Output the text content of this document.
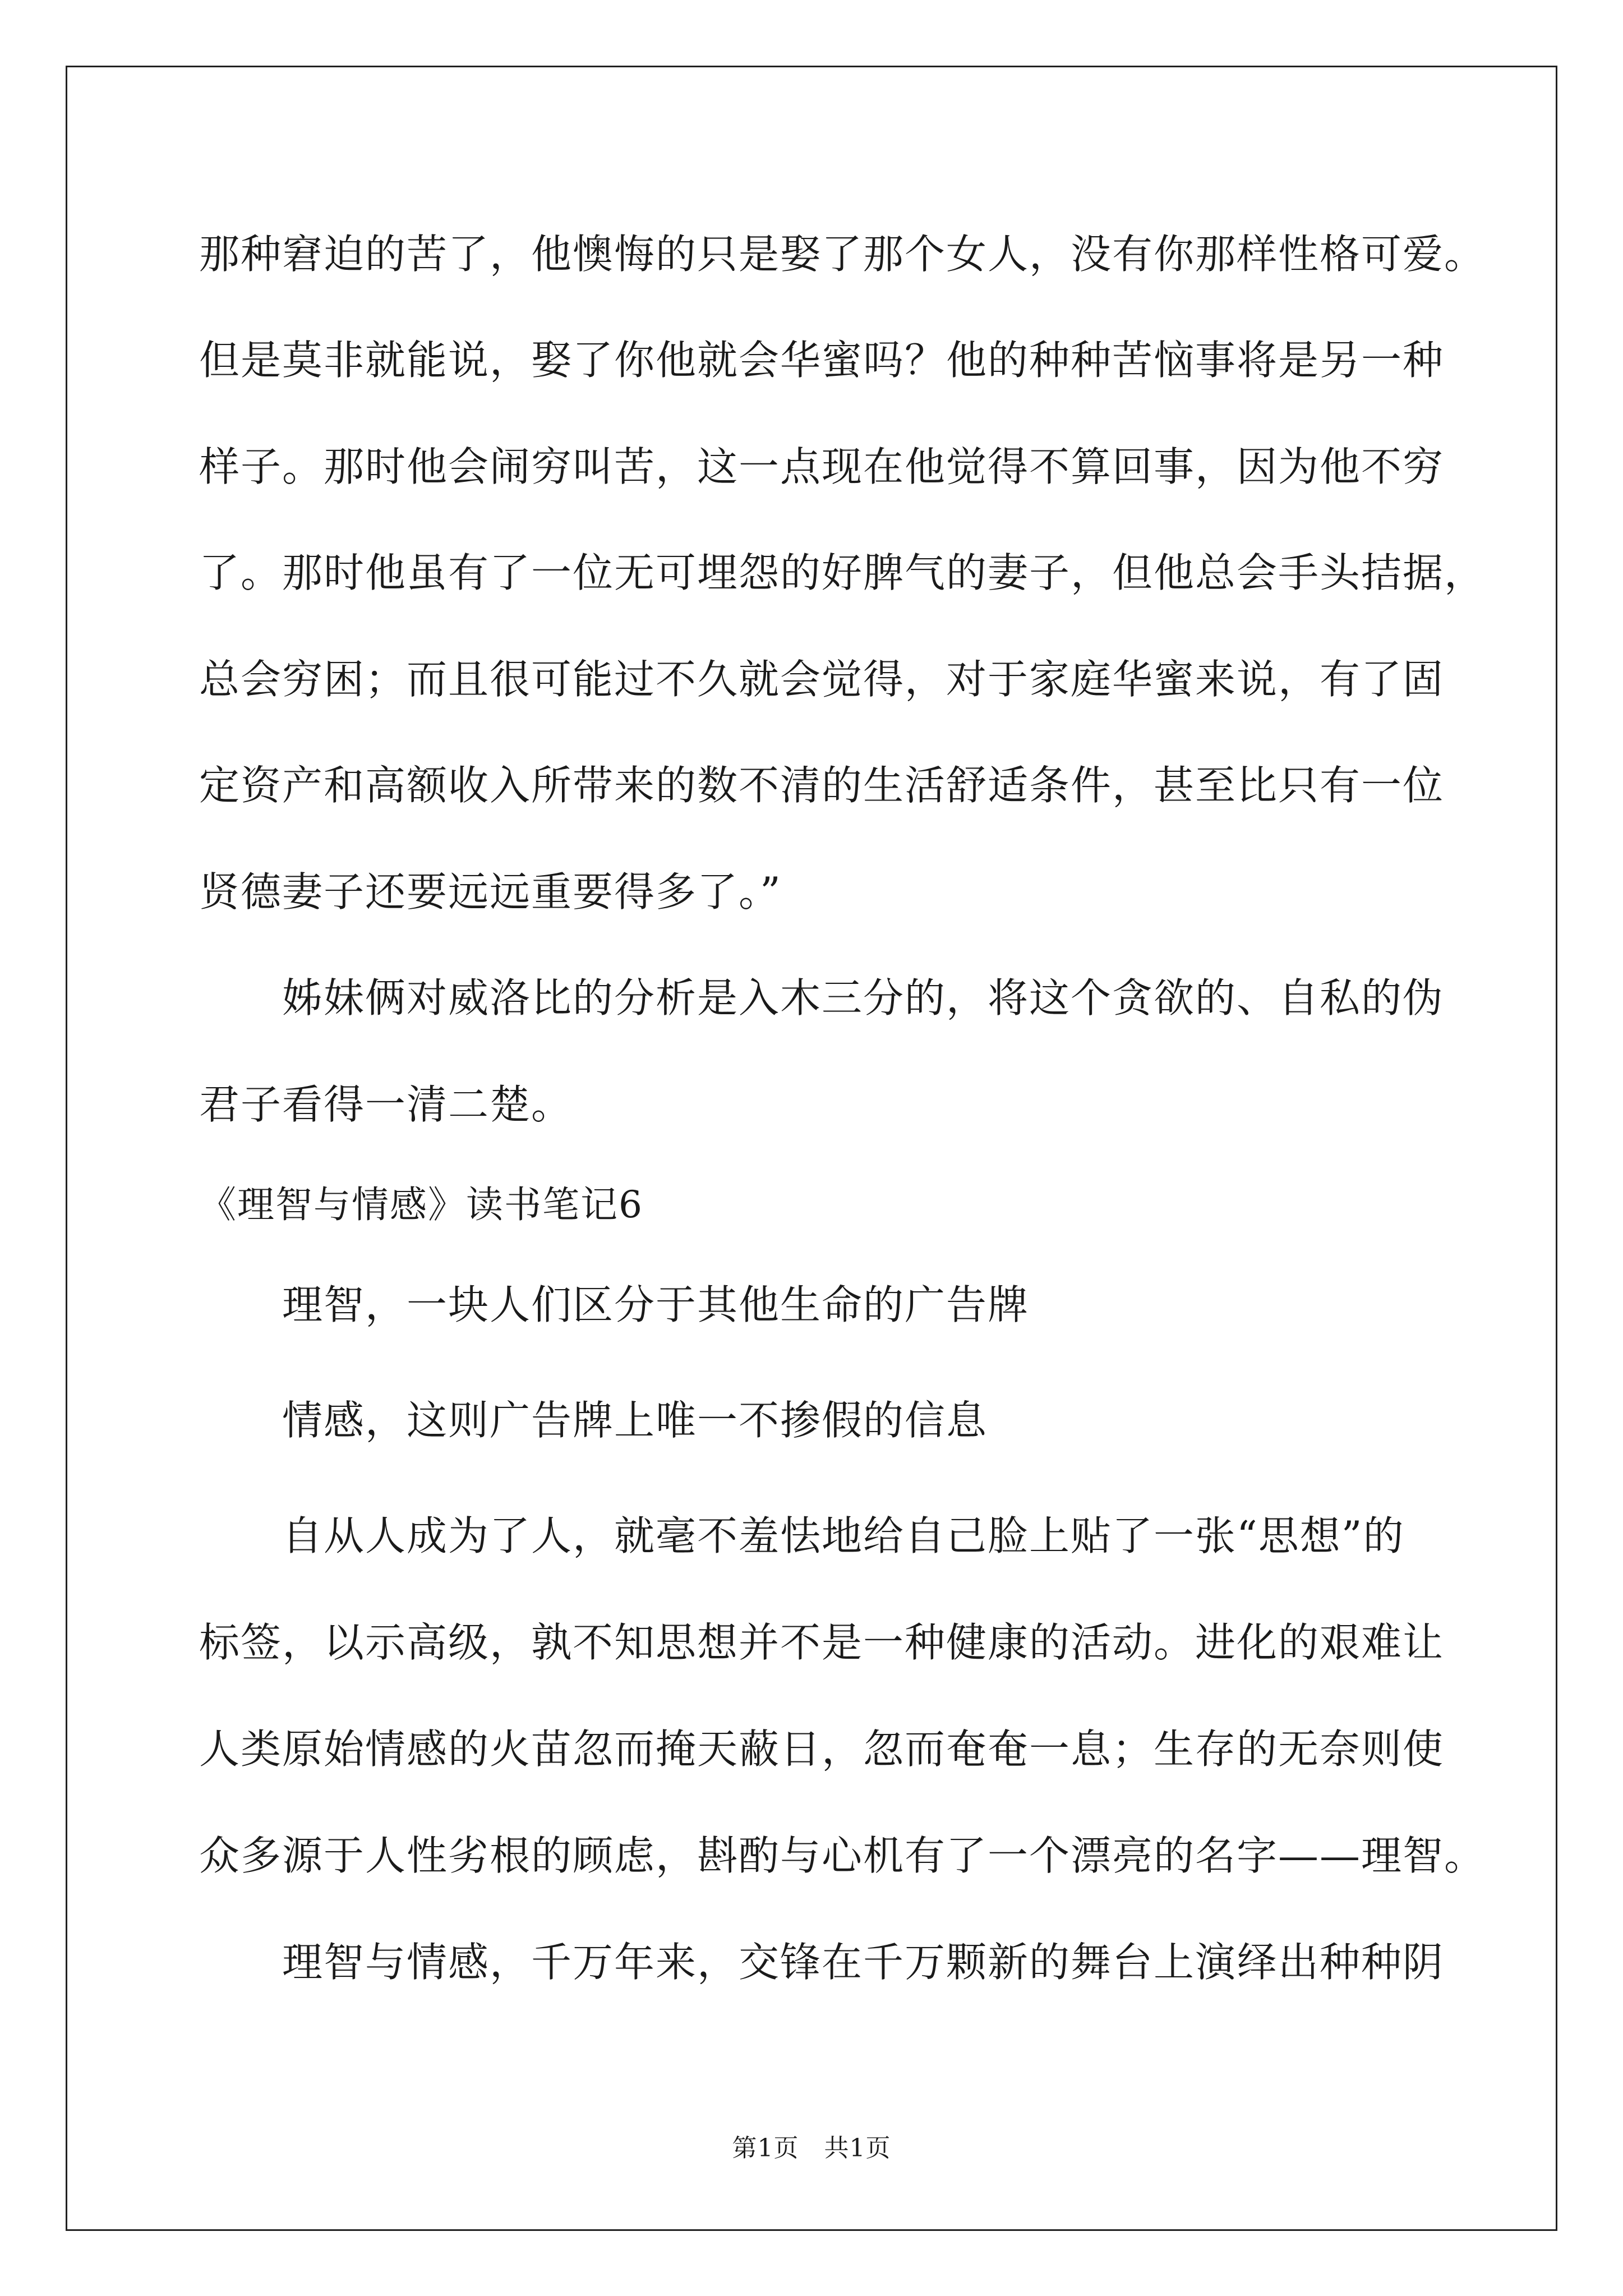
那种窘迫的苦了，他懊悔的只是娶了那个女人，没有你那样性格可爱。
但是莫非就能说，娶了你他就会华蜜吗？他的种种苦恼事将是另一种
样子。那时他会闹穷叫苦，这一点现在他觉得不算回事，因为他不穷
了。那时他虽有了一位无可埋怨的好脾气的妻子，但他总会手头拮据，
总会穷困；而且很可能过不久就会觉得，对于家庭华蜜来说，有了固
定资产和高额收入所带来的数不清的生活舒适条件，甚至比只有一位
贤德妻子还要远远重要得多了。”
姊妹俩对威洛比的分析是入木三分的，将这个贪欲的、自私的伪
君子看得一清二楚。
《理智与情感》读书笔记6
理智，一块人们区分于其他生命的广告牌
情感，这则广告牌上唯一不掺假的信息
自从人成为了人，就毫不羞怯地给自己脸上贴了一张“思想”的
标签，以示高级，孰不知思想并不是一种健康的活动。进化的艰难让
人类原始情感的火苗忽而掩天蔽日，忽而奄奄一息；生存的无奈则使
众多源于人性劣根的顾虑，斟酌与心机有了一个漂亮的名字——理智。
理智与情感，千万年来，交锋在千万颗新的舞台上演绎出种种阴
第1页　共1页
